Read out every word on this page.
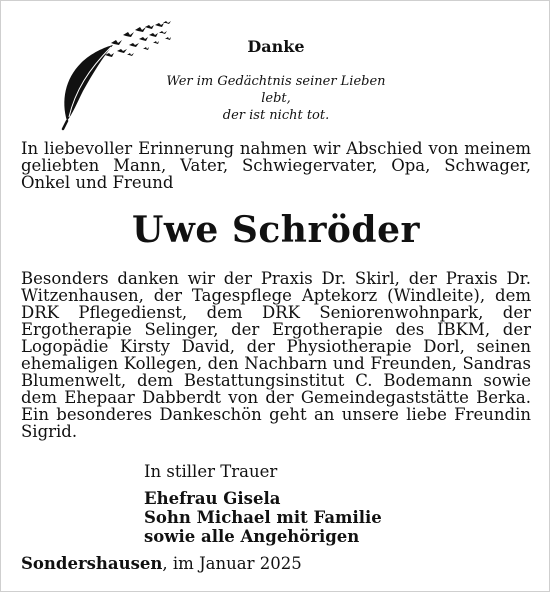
Danke
Wer im Gedächtnis seiner Lieben lebt,
der ist nicht tot.
In liebevoller Erinnerung nahmen wir Abschied von meinem geliebten Mann, Vater, Schwiegervater, Opa, Schwager, Onkel und Freund
Uwe Schröder
Besonders danken wir der Praxis Dr. Skirl, der Praxis Dr. Witzenhausen, der Tagespflege Aptekorz (Windleite), dem DRK Pflegedienst, dem DRK Seniorenwohnpark, der Ergotherapie Selinger, der Ergotherapie des IBKM, der Logopädie Kirsty David, der Physiotherapie Dorl, seinen ehemaligen Kollegen, den Nachbarn und Freunden, Sandras Blumenwelt, dem Bestattungsinstitut C. Bodemann sowie dem Ehepaar Dabberdt von der Gemeindegaststätte Berka. Ein besonderes Dankeschön geht an unsere liebe Freundin Sigrid.
In stiller Trauer
Ehefrau Gisela
Sohn Michael mit Familie
sowie alle Angehörigen
Sondershausen, im Januar 2025
